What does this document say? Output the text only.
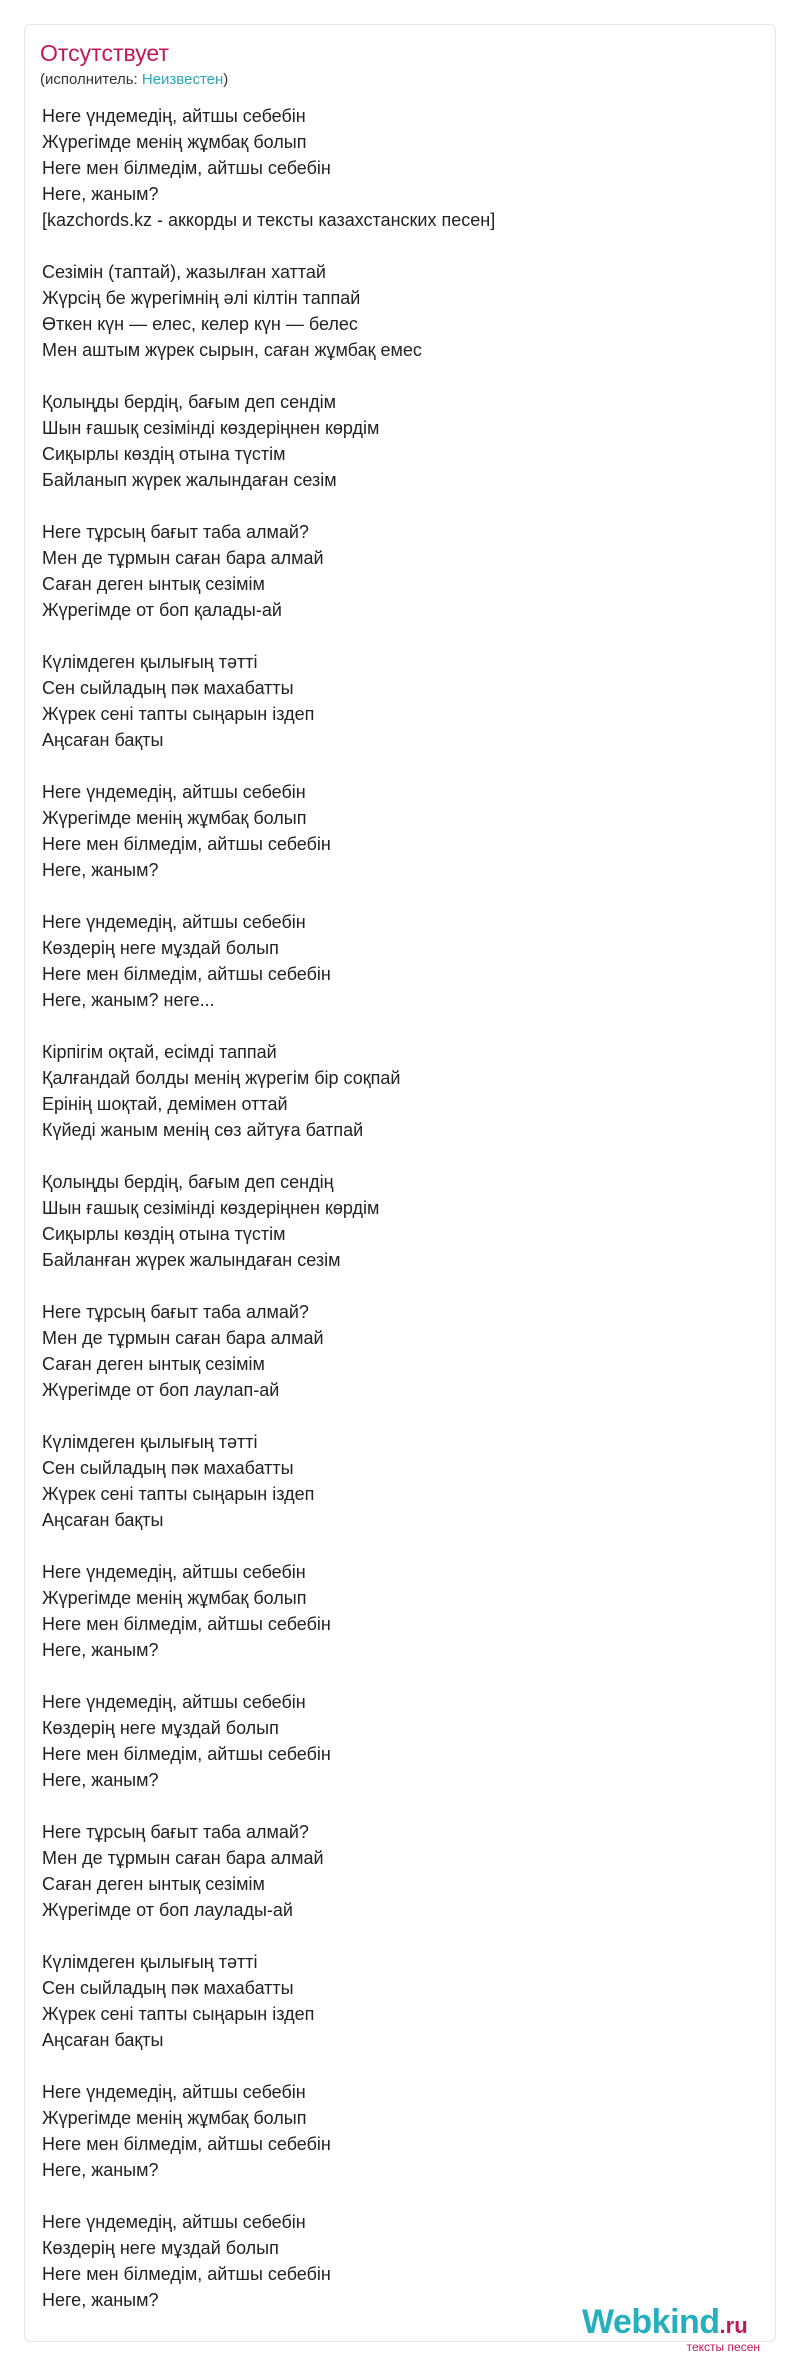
Отсутствует
(исполнитель: Неизвестен)
Неге үндемедің, айтшы себебін
Жүрегімде менің жұмбақ болып
Неге мен білмедім, айтшы себебін
Неге, жаным?
[kazchords.kz - аккорды и тексты казахстанских песен]
Сезімін (таптай), жазылған хаттай
Жүрсің бе жүрегімнің әлі кілтін таппай
Өткен күн — елес, келер күн — белес
Мен аштым жүрек сырын, саған жұмбақ емес
Қолыңды бердің, бағым деп сендім
Шын ғашық сезімінді көздеріңнен көрдім
Сиқырлы көздің отына түстім
Байланып жүрек жалындаған сезім
Неге тұрсың бағыт таба алмай?
Мен де тұрмын саған бара алмай
Саған деген ынтық сезімім
Жүрегімде от боп қалады-ай
Күлімдеген қылығың тәтті
Сен сыйладың пәк махабатты
Жүрек сені тапты сыңарын іздеп
Аңсаған бақты
Неге үндемедің, айтшы себебін
Жүрегімде менің жұмбақ болып
Неге мен білмедім, айтшы себебін
Неге, жаным?
Неге үндемедің, айтшы себебін
Көздерің неге мұздай болып
Неге мен білмедім, айтшы себебін
Неге, жаным? неге...
Кірпігім оқтай, есімді таппай
Қалғандай болды менің жүрегім бір соқпай
Ерінің шоқтай, демімен оттай
Күйеді жаным менің сөз айтуға батпай
Қолыңды бердің, бағым деп сендің
Шын ғашық сезімінді көздеріңнен көрдім
Сиқырлы көздің отына түстім
Байланған жүрек жалындаған сезім
Неге тұрсың бағыт таба алмай?
Мен де тұрмын саған бара алмай
Саған деген ынтық сезімім
Жүрегімде от боп лаулап-ай
Күлімдеген қылығың тәтті
Сен сыйладың пәк махабатты
Жүрек сені тапты сыңарын іздеп
Аңсаған бақты
Неге үндемедің, айтшы себебін
Жүрегімде менің жұмбақ болып
Неге мен білмедім, айтшы себебін
Неге, жаным?
Неге үндемедің, айтшы себебін
Көздерің неге мұздай болып
Неге мен білмедім, айтшы себебін
Неге, жаным?
Неге тұрсың бағыт таба алмай?
Мен де тұрмын саған бара алмай
Саған деген ынтық сезімім
Жүрегімде от боп лаулады-ай
Күлімдеген қылығың тәтті
Сен сыйладың пәк махабатты
Жүрек сені тапты сыңарын іздеп
Аңсаған бақты
Неге үндемедің, айтшы себебін
Жүрегімде менің жұмбақ болып
Неге мен білмедім, айтшы себебін
Неге, жаным?
Неге үндемедің, айтшы себебін
Көздерің неге мұздай болып
Неге мен білмедім, айтшы себебін
Неге, жаным?
Webkind.ru
тексты песен
